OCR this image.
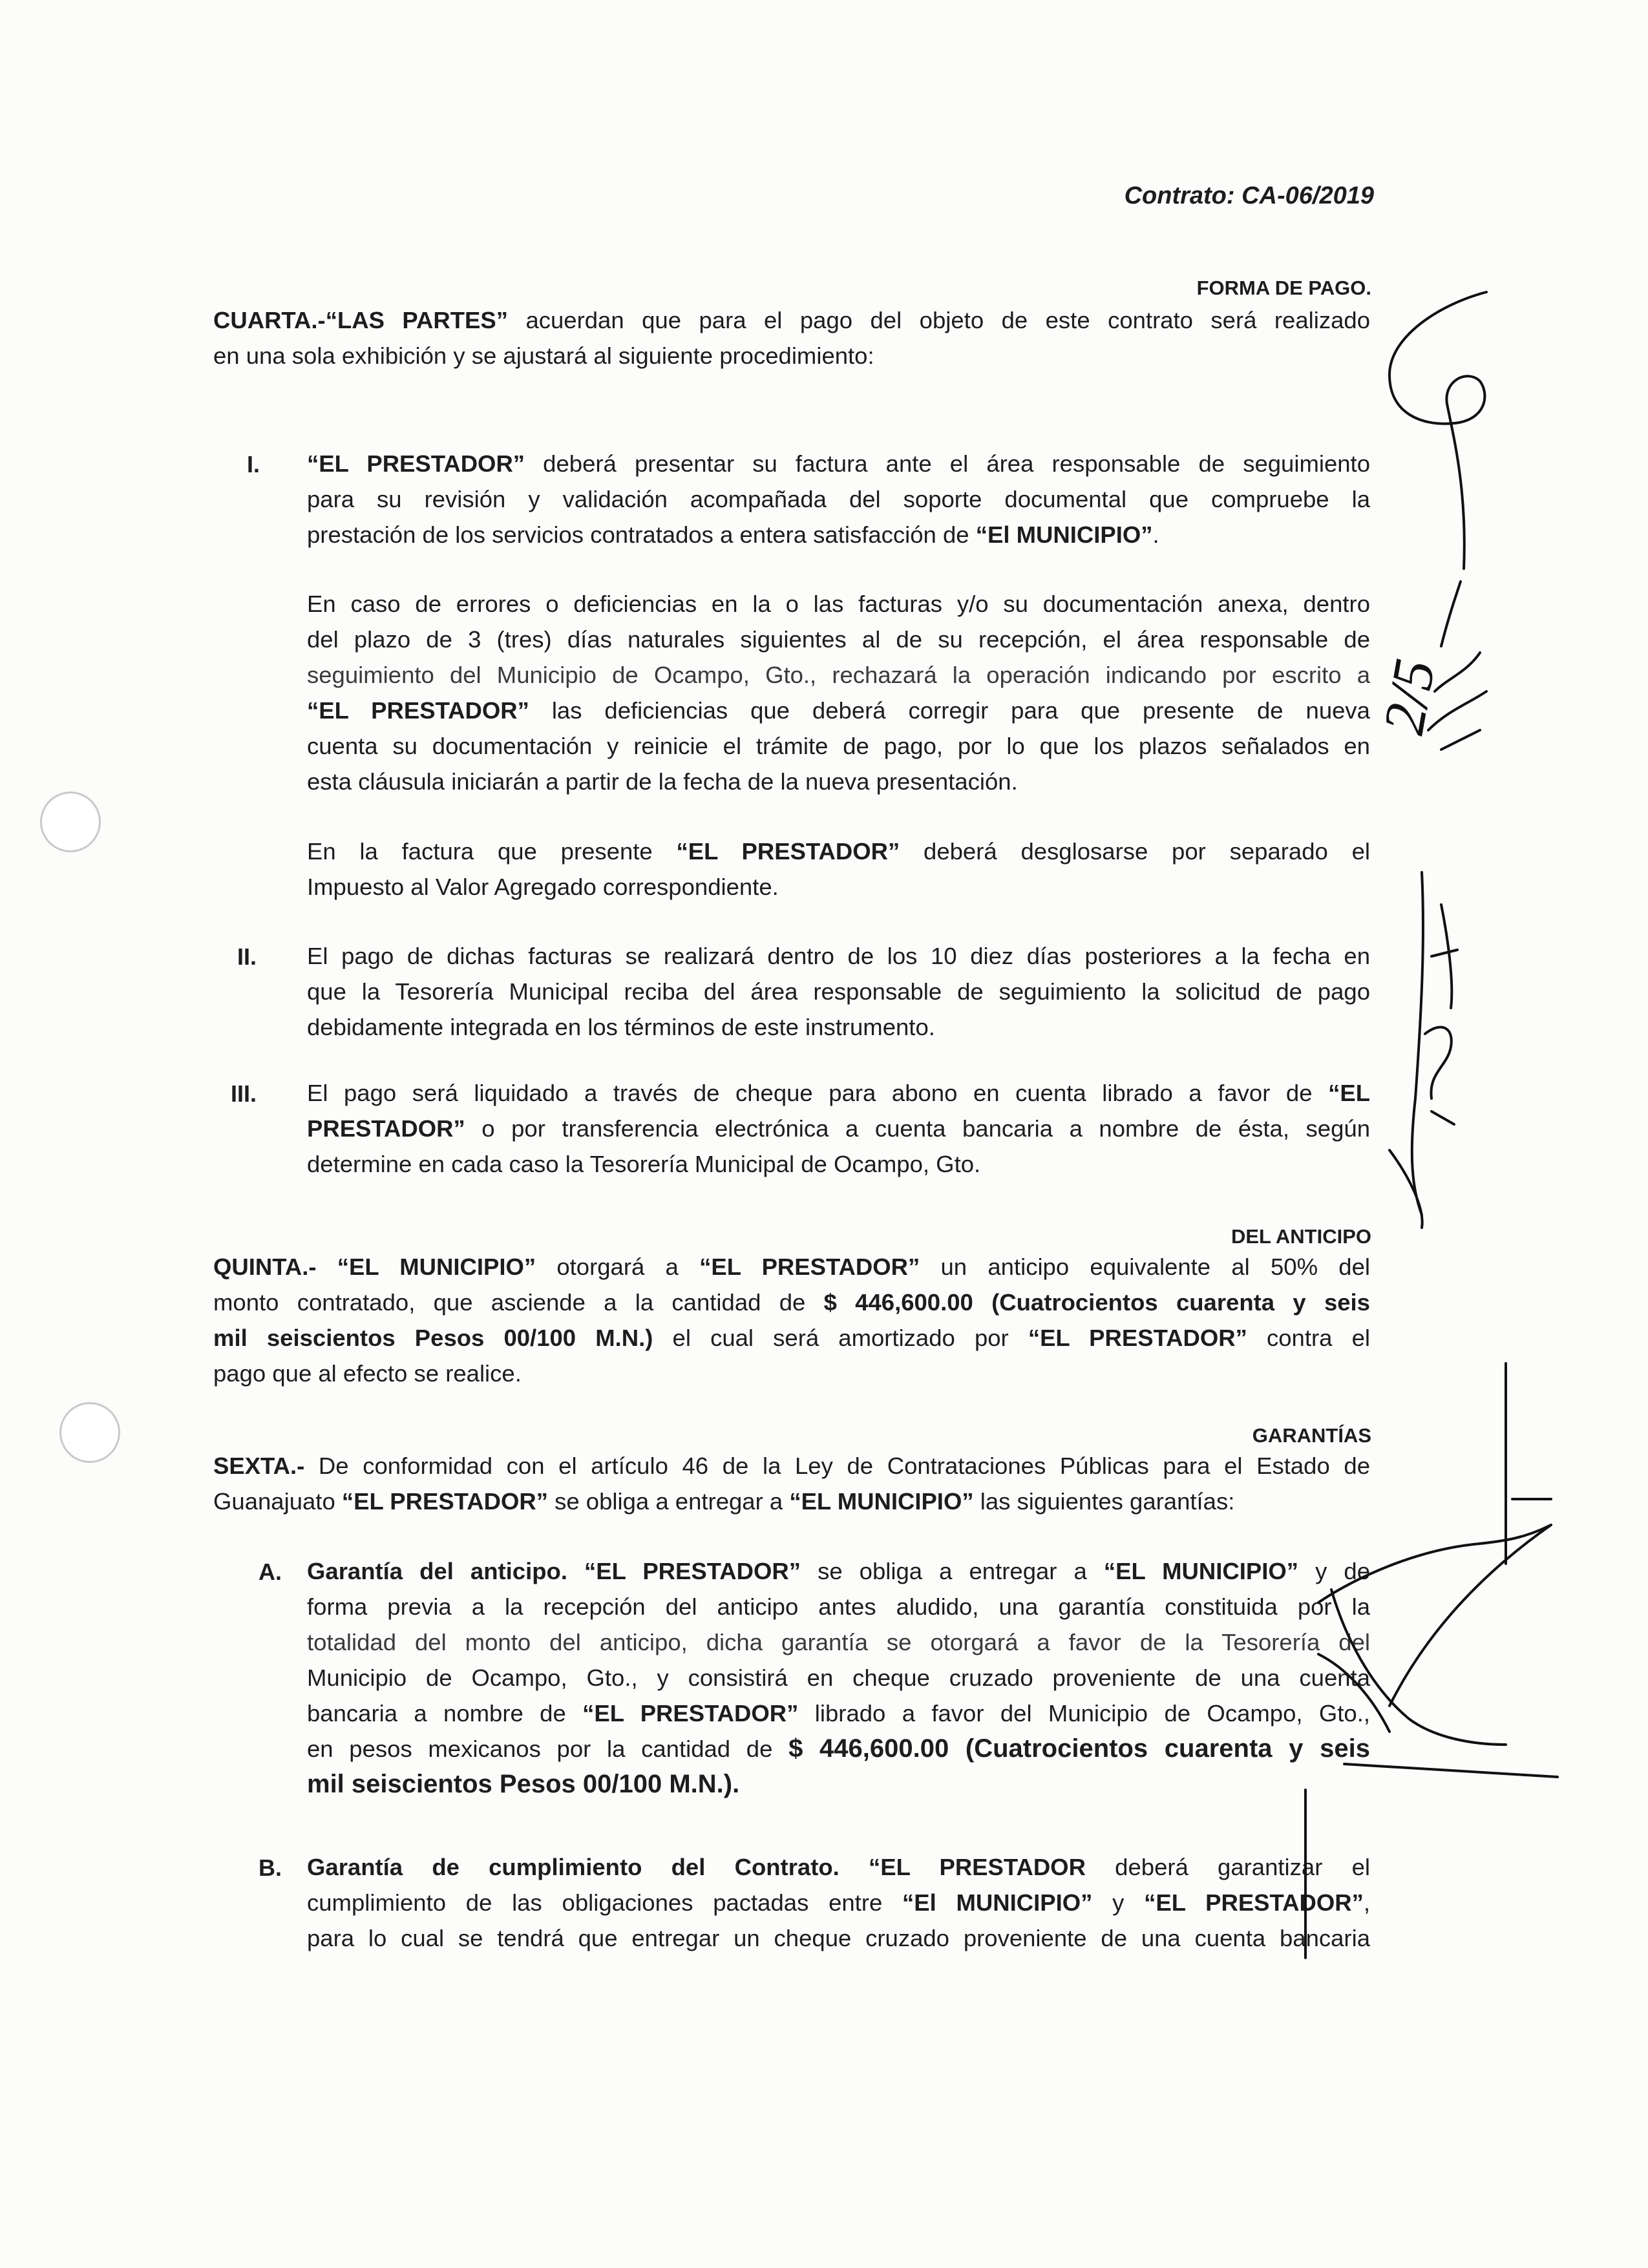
Contrato: CA-06/2019
FORMA DE PAGO.
CUARTA.-“LAS PARTES” acuerdan que para el pago del objeto de este contrato será realizado
en una sola exhibición y se ajustará al siguiente procedimiento:
I. “EL PRESTADOR” deberá presentar su factura ante el área responsable de seguimiento
para su revisión y validación acompañada del soporte documental que compruebe la
prestación de los servicios contratados a entera satisfacción de “El MUNICIPIO”.
En caso de errores o deficiencias en la o las facturas y/o su documentación anexa, dentro
del plazo de 3 (tres) días naturales siguientes al de su recepción, el área responsable de
seguimiento del Municipio de Ocampo, Gto., rechazará la operación indicando por escrito a
“EL PRESTADOR” las deficiencias que deberá corregir para que presente de nueva
cuenta su documentación y reinicie el trámite de pago, por lo que los plazos señalados en
esta cláusula iniciarán a partir de la fecha de la nueva presentación.
En la factura que presente “EL PRESTADOR” deberá desglosarse por separado el
Impuesto al Valor Agregado correspondiente.
II. El pago de dichas facturas se realizará dentro de los 10 diez días posteriores a la fecha en
que la Tesorería Municipal reciba del área responsable de seguimiento la solicitud de pago
debidamente integrada en los términos de este instrumento.
III. El pago será liquidado a través de cheque para abono en cuenta librado a favor de “EL
PRESTADOR” o por transferencia electrónica a cuenta bancaria a nombre de ésta, según
determine en cada caso la Tesorería Municipal de Ocampo, Gto.
DEL ANTICIPO
QUINTA.- “EL MUNICIPIO” otorgará a “EL PRESTADOR” un anticipo equivalente al 50% del
monto contratado, que asciende a la cantidad de $ 446,600.00 (Cuatrocientos cuarenta y seis
mil seiscientos Pesos 00/100 M.N.) el cual será amortizado por “EL PRESTADOR” contra el
pago que al efecto se realice.
GARANTÍAS
SEXTA.- De conformidad con el artículo 46 de la Ley de Contrataciones Públicas para el Estado de
Guanajuato “EL PRESTADOR” se obliga a entregar a “EL MUNICIPIO” las siguientes garantías:
A. Garantía del anticipo. “EL PRESTADOR” se obliga a entregar a “EL MUNICIPIO” y de
forma previa a la recepción del anticipo antes aludido, una garantía constituida por la
totalidad del monto del anticipo, dicha garantía se otorgará a favor de la Tesorería del
Municipio de Ocampo, Gto., y consistirá en cheque cruzado proveniente de una cuenta
bancaria a nombre de “EL PRESTADOR” librado a favor del Municipio de Ocampo, Gto.,
en pesos mexicanos por la cantidad de $ 446,600.00 (Cuatrocientos cuarenta y seis
mil seiscientos Pesos 00/100 M.N.).
B. Garantía de cumplimiento del Contrato. “EL PRESTADOR deberá garantizar el
cumplimiento de las obligaciones pactadas entre “El MUNICIPIO” y “EL PRESTADOR”,
para lo cual se tendrá que entregar un cheque cruzado proveniente de una cuenta bancaria
2/5
